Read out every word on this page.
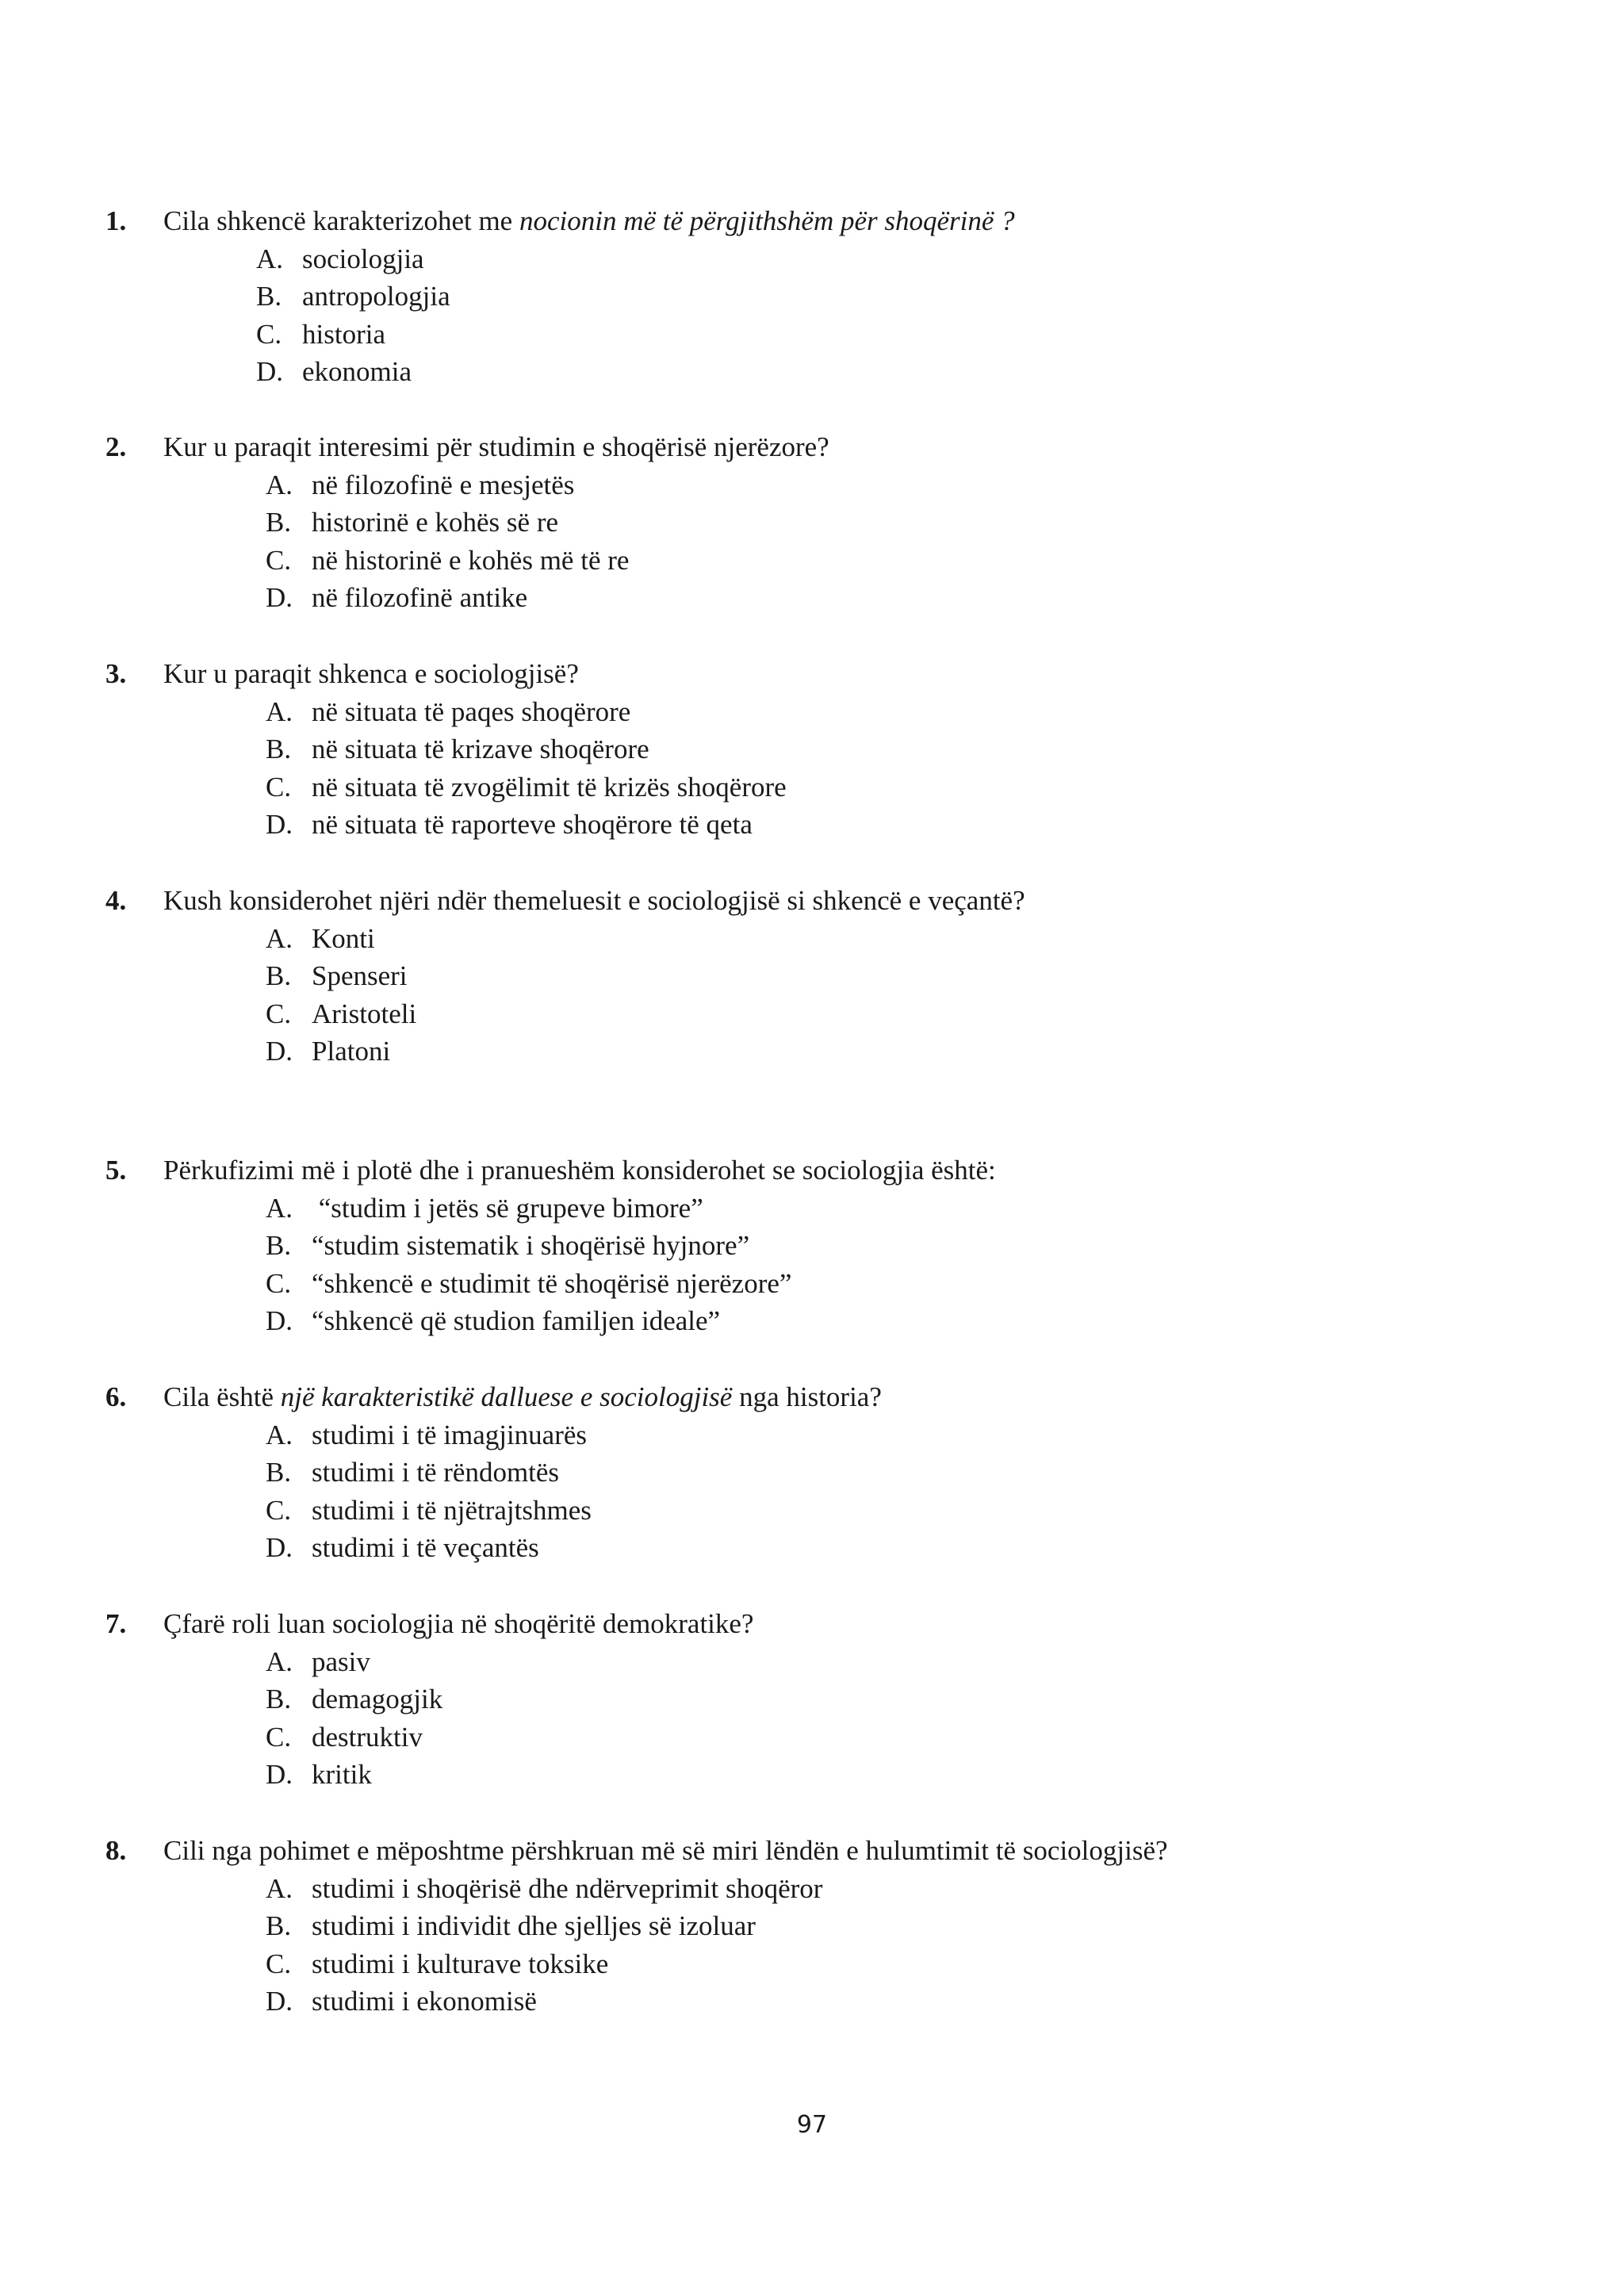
1. Cila shkencë karakterizohet me nocionin më të përgjithshëm për shoqërinë ?
A. sociologjia
B. antropologjia
C. historia
D. ekonomia
2. Kur u paraqit interesimi për studimin e shoqërisë njerëzore?
A. në filozofinë e mesjetës
B. historinë e kohës së re
C. në historinë e kohës më të re
D. në filozofinë antike
3. Kur u paraqit shkenca e sociologjisë?
A. në situata të paqes shoqërore
B. në situata të krizave shoqërore
C. në situata të zvogëlimit të krizës shoqërore
D. në situata të raporteve shoqërore të qeta
4. Kush konsiderohet njëri ndër themeluesit e sociologjisë si shkencë e veçantë?
A. Konti
B. Spenseri
C. Aristoteli
D. Platoni
5. Përkufizimi më i plotë dhe i pranueshëm konsiderohet se sociologjia është:
A. “studim i jetës së grupeve bimore”
B. “studim sistematik i shoqërisë hyjnore”
C. “shkencë e studimit të shoqërisë njerëzore”
D. “shkencë që studion familjen ideale”
6. Cila është një karakteristikë dalluese e sociologjisë nga historia?
A. studimi i të imagjinuarës
B. studimi i të rëndomtës
C. studimi i të njëtrajtshmes
D. studimi i të veçantës
7. Çfarë roli luan sociologjia në shoqëritë demokratike?
A. pasiv
B. demagogjik
C. destruktiv
D. kritik
8. Cili nga pohimet e mëposhtme përshkruan më së miri lëndën e hulumtimit të sociologjisë?
A. studimi i shoqërisë dhe ndërveprimit shoqëror
B. studimi i individit dhe sjelljes së izoluar
C. studimi i kulturave toksike
D. studimi i ekonomisë
97
